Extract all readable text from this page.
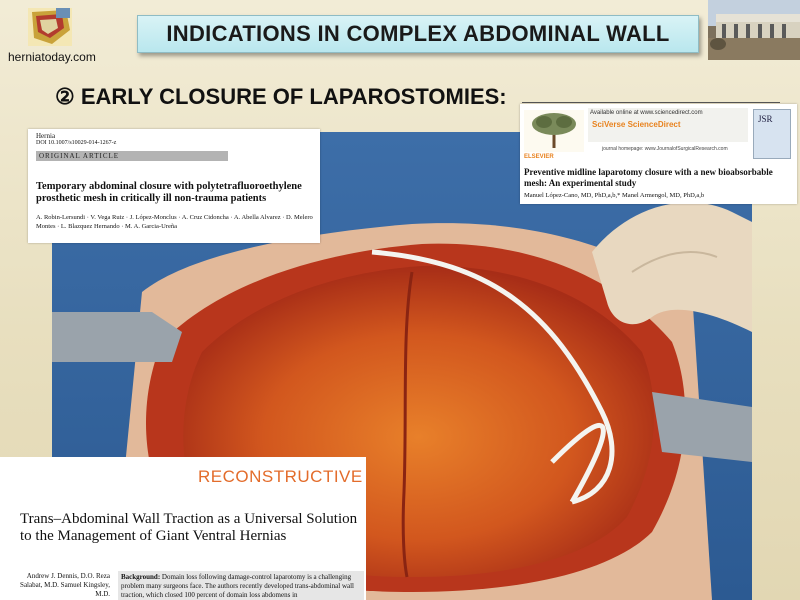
herniatoday.com
INDICATIONS IN COMPLEX ABDOMINAL WALL
② EARLY CLOSURE OF LAPAROSTOMIES:
Hernia
DOI 10.1007/s10029-014-1267-z
ORIGINAL ARTICLE
Temporary abdominal closure with polytetrafluoroethylene prosthetic mesh in critically ill non-trauma patients
A. Robin-Lersundi · V. Vega Ruiz · J. López-Monclus · A. Cruz Cidoncha · A. Abella Alvarez · D. Melero Montes · L. Blazquez Hernando · M. A. Garcia-Ureña
ELSEVIER
Available online at www.sciencedirect.com
SciVerse ScienceDirect
journal homepage: www.JournalofSurgicalResearch.com
JSR
Preventive midline laparotomy closure with a new bioabsorbable mesh: An experimental study
Manuel López-Cano, MD, PhD,a,b,* Manel Armengol, MD, PhD,a,b
RECONSTRUCTIVE
Trans–Abdominal Wall Traction as a Universal Solution to the Management of Giant Ventral Hernias
Andrew J. Dennis, D.O. Reza Salabat, M.D. Samuel Kingsley, M.D.
Background: Domain loss following damage-control laparotomy is a challenging problem many surgeons face. The authors recently developed trans-abdominal wall traction, which closed 100 percent of domain loss abdomens in
